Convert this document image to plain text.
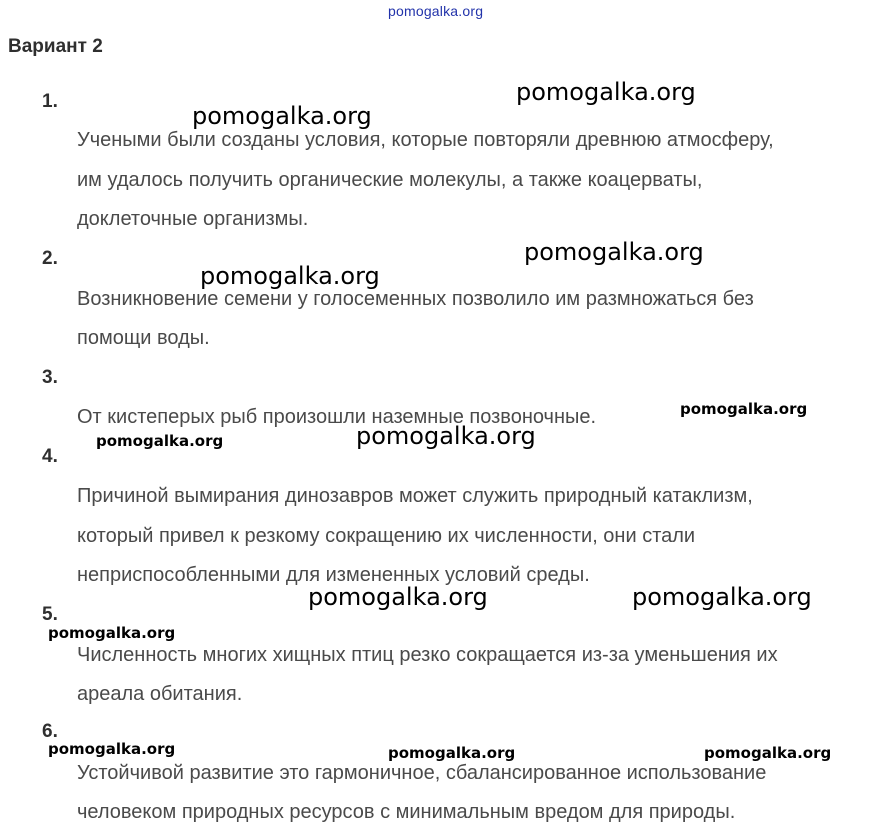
pomogalka.org
Вариант 2
1.
Учеными были созданы условия, которые повторяли древнюю атмосферу,
им удалось получить органические молекулы, а также коацерваты,
доклеточные организмы.
2.
Возникновение семени у голосеменных позволило им размножаться без
помощи воды.
3.
От кистеперых рыб произошли наземные позвоночные.
4.
Причиной вымирания динозавров может служить природный катаклизм,
который привел к резкому сокращению их численности, они стали
неприспособленными для измененных условий среды.
5.
Численность многих хищных птиц резко сокращается из-за уменьшения их
ареала обитания.
6.
Устойчивой развитие это гармоничное, сбалансированное использование
человеком природных ресурсов с минимальным вредом для природы.
pomogalka.org
pomogalka.org
pomogalka.org
pomogalka.org
pomogalka.org
pomogalka.org	pomogalka.org
pomogalka.org	pomogalka.org
pomogalka.org
pomogalka.org	pomogalka.org	pomogalka.org
